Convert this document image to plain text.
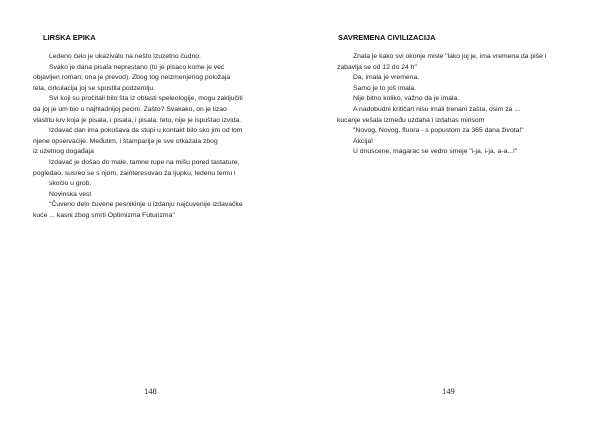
LIRSKA EPIKA
Ledeno čelo je ukazivalo na nešto izuzetno čudno.
Svako je dana pisala neprestano (to je pisaco kome je već
objavljen roman; ona je prevod). Zbog tog neizmenjenog položaja
tela, cirkulacija joj se spustila podzemlju.
Svi koji su pročitali bilo šta iz oblasti speleologije, mogu zaključiti
da joj je um bio u najhladnijoj pećini. Zašto? Svakako, on je lizao
vlastitu krv koja je pisala, i pisala, i pisala. Ieto, nije je ispuštao izvida.
Izdavač dan ima pokušava da stupi u kontakt bilo sko jim od lom
njene opservacije. Međutim, i štamparija je sve otkazala zbog
iz uzetnog događaja
Izdavač je došao do male, tamne rupe na mišu pored tastature,
pogledao, susreo se s njom, zainteresovao za ljupku, ledenu temu i
skočio u grob.
Novinska vest
"Čuveno delo čuvene pesnikinje u izdanju najčuvenije izdavačke
kuće ... kasni zbog smrti Optimizma Futurizma"
148
SAVREMENA CIVILIZACIJA
Znala je kako svi okonje misle "lako joj je, ima vremena da piše i
zabavlja se od 12 do 24 h"
Da, imala je vremena.
Samo je to još imala.
Nije bitno koliko, važno da je imala.
A nadobudni kritičari nisu imali trenani zašta, osim za ...
kucanje vešala između uzdaha i izdahas mirisom
"Novog, Novog, fluora - s popustom za 365 dana života!"
Akcija!
U dnuscene, magarac se vedro smeje "i-ja, i-ja, a-a...!"
149
